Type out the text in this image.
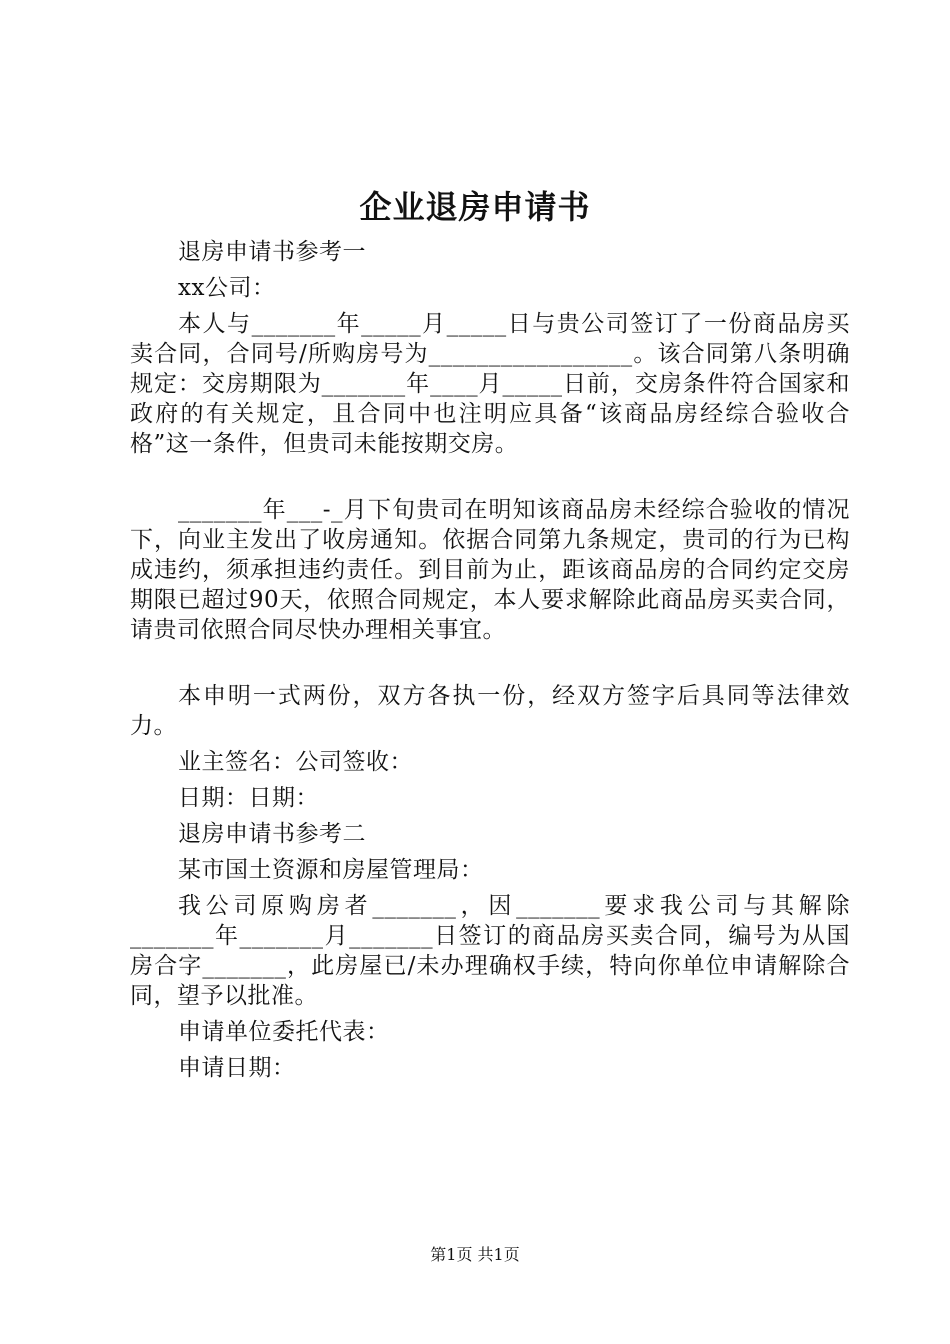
企业退房申请书

退房申请书参考一

xx公司：

本人与_______年_____月_____日与贵公司签订了一份商品房买卖合同，合同号/所购房号为_________________。该合同第八条明确规定：交房期限为_______年____月_____日前，交房条件符合国家和政府的有关规定，且合同中也注明应具备“该商品房经综合验收合格”这一条件，但贵司未能按期交房。

_______年___-_月下旬贵司在明知该商品房未经综合验收的情况下，向业主发出了收房通知。依据合同第九条规定，贵司的行为已构成违约，须承担违约责任。到目前为止，距该商品房的合同约定交房期限已超过90天，依照合同规定，本人要求解除此商品房买卖合同，请贵司依照合同尽快办理相关事宜。

本申明一式两份，双方各执一份，经双方签字后具同等法律效力。

业主签名：公司签收：

日期：日期：

退房申请书参考二

某市国土资源和房屋管理局：

我公司原购房者_______，因_______要求我公司与其解除_______年_______月_______日签订的商品房买卖合同，编号为从国房合字_______，此房屋已/未办理确权手续，特向你单位申请解除合同，望予以批准。

申请单位委托代表：

申请日期：

第1页 共1页
